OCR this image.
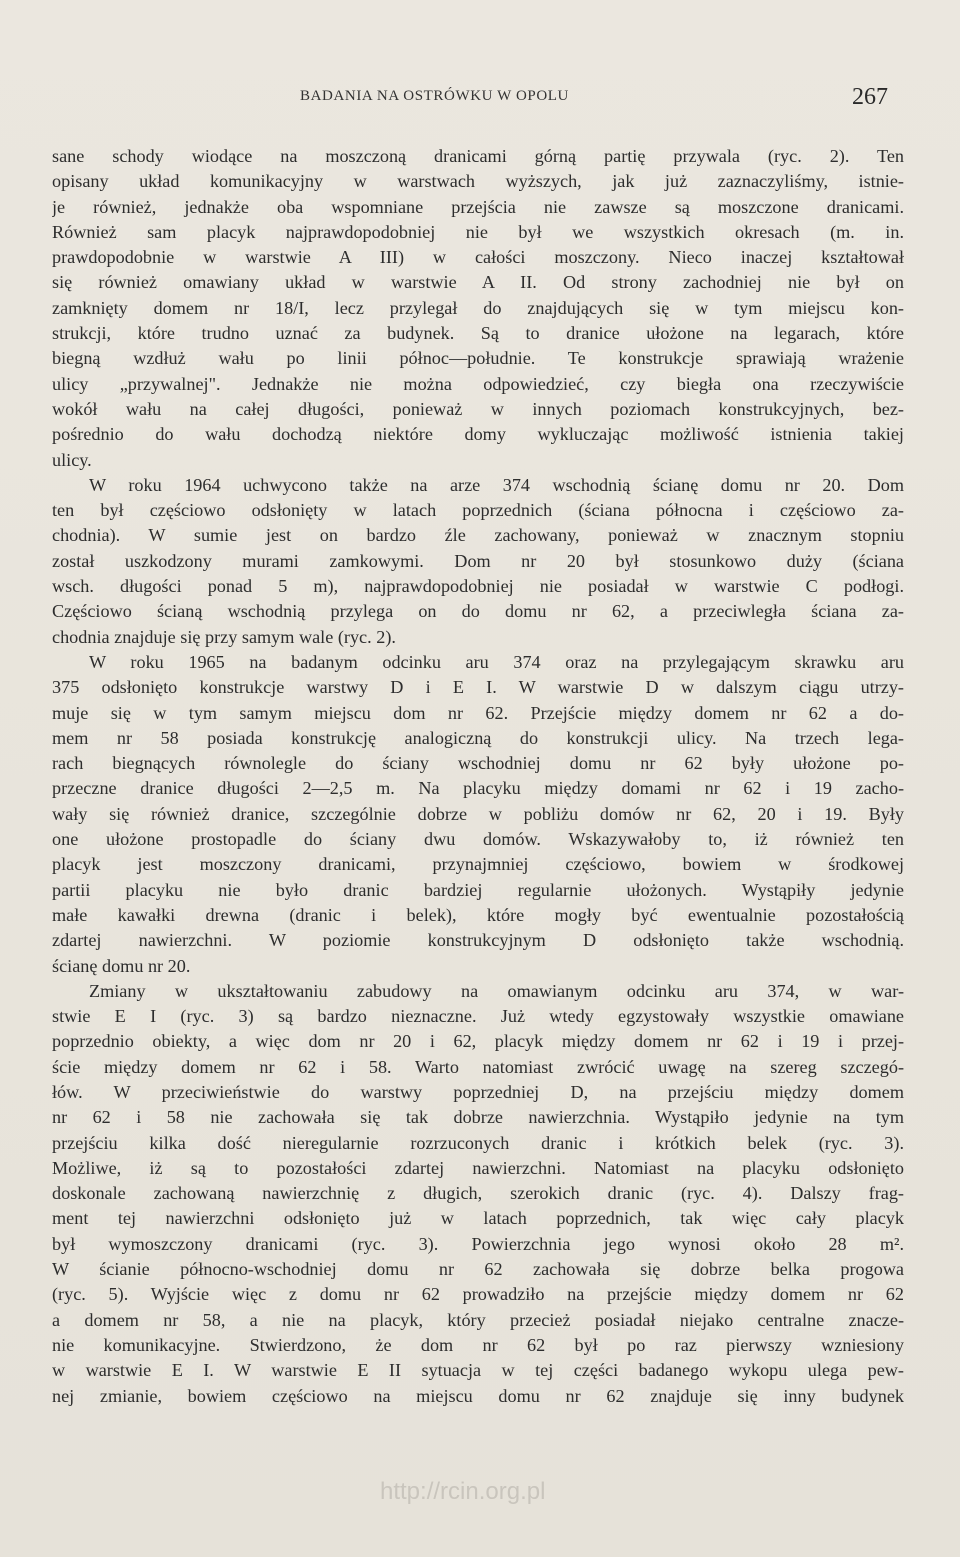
BADANIA NA OSTRÓWKU W OPOLU	267
sane schody wiodące na moszczoną dranicami górną partię przywala (ryc. 2). Ten
opisany układ komunikacyjny w warstwach wyższych, jak już zaznaczyliśmy, istnie-
je również, jednakże oba wspomniane przejścia nie zawsze są moszczone dranicami.
Również sam placyk najprawdopodobniej nie był we wszystkich okresach (m. in.
prawdopodobnie w warstwie A III) w całości moszczony. Nieco inaczej kształtował
się również omawiany układ w warstwie A II. Od strony zachodniej nie był on
zamknięty domem nr 18/I, lecz przylegał do znajdujących się w tym miejscu kon-
strukcji, które trudno uznać za budynek. Są to dranice ułożone na legarach, które
biegną wzdłuż wału po linii północ—południe. Te konstrukcje sprawiają wrażenie
ulicy „przywalnej". Jednakże nie można odpowiedzieć, czy biegła ona rzeczywiście
wokół wału na całej długości, ponieważ w innych poziomach konstrukcyjnych, bez-
pośrednio do wału dochodzą niektóre domy wykluczając możliwość istnienia takiej
ulicy.
W roku 1964 uchwycono także na arze 374 wschodnią ścianę domu nr 20. Dom
ten był częściowo odsłonięty w latach poprzednich (ściana północna i częściowo za-
chodnia). W sumie jest on bardzo źle zachowany, ponieważ w znacznym stopniu
został uszkodzony murami zamkowymi. Dom nr 20 był stosunkowo duży (ściana
wsch. długości ponad 5 m), najprawdopodobniej nie posiadał w warstwie C podłogi.
Częściowo ścianą wschodnią przylega on do domu nr 62, a przeciwległa ściana za-
chodnia znajduje się przy samym wale (ryc. 2).
W roku 1965 na badanym odcinku aru 374 oraz na przylegającym skrawku aru
375 odsłonięto konstrukcje warstwy D i E I. W warstwie D w dalszym ciągu utrzy-
muje się w tym samym miejscu dom nr 62. Przejście między domem nr 62 a do-
mem nr 58 posiada konstrukcję analogiczną do konstrukcji ulicy. Na trzech lega-
rach biegnących równolegle do ściany wschodniej domu nr 62 były ułożone po-
przeczne dranice długości 2—2,5 m. Na placyku między domami nr 62 i 19 zacho-
wały się również dranice, szczególnie dobrze w pobliżu domów nr 62, 20 i 19. Były
one ułożone prostopadle do ściany dwu domów. Wskazywałoby to, iż również ten
placyk jest moszczony dranicami, przynajmniej częściowo, bowiem w środkowej
partii placyku nie było dranic bardziej regularnie ułożonych. Wystąpiły jedynie
małe kawałki drewna (dranic i belek), które mogły być ewentualnie pozostałością
zdartej nawierzchni. W poziomie konstrukcyjnym D odsłonięto także wschodnią.
ścianę domu nr 20.
Zmiany w ukształtowaniu zabudowy na omawianym odcinku aru 374, w war-
stwie E I (ryc. 3) są bardzo nieznaczne. Już wtedy egzystowały wszystkie omawiane
poprzednio obiekty, a więc dom nr 20 i 62, placyk między domem nr 62 i 19 i przej-
ście między domem nr 62 i 58. Warto natomiast zwrócić uwagę na szereg szczegó-
łów. W przeciwieństwie do warstwy poprzedniej D, na przejściu między domem
nr 62 i 58 nie zachowała się tak dobrze nawierzchnia. Wystąpiło jedynie na tym
przejściu kilka dość nieregularnie rozrzuconych dranic i krótkich belek (ryc. 3).
Możliwe, iż są to pozostałości zdartej nawierzchni. Natomiast na placyku odsłonięto
doskonale zachowaną nawierzchnię z długich, szerokich dranic (ryc. 4). Dalszy frag-
ment tej nawierzchni odsłonięto już w latach poprzednich, tak więc cały placyk
był wymoszczony dranicami (ryc. 3). Powierzchnia jego wynosi około 28 m².
W ścianie północno-wschodniej domu nr 62 zachowała się dobrze belka progowa
(ryc. 5). Wyjście więc z domu nr 62 prowadziło na przejście między domem nr 62
a domem nr 58, a nie na placyk, który przecież posiadał niejako centralne znacze-
nie komunikacyjne. Stwierdzono, że dom nr 62 był po raz pierwszy wzniesiony
w warstwie E I. W warstwie E II sytuacja w tej części badanego wykopu ulega pew-
nej zmianie, bowiem częściowo na miejscu domu nr 62 znajduje się inny budynek
http://rcin.org.pl
